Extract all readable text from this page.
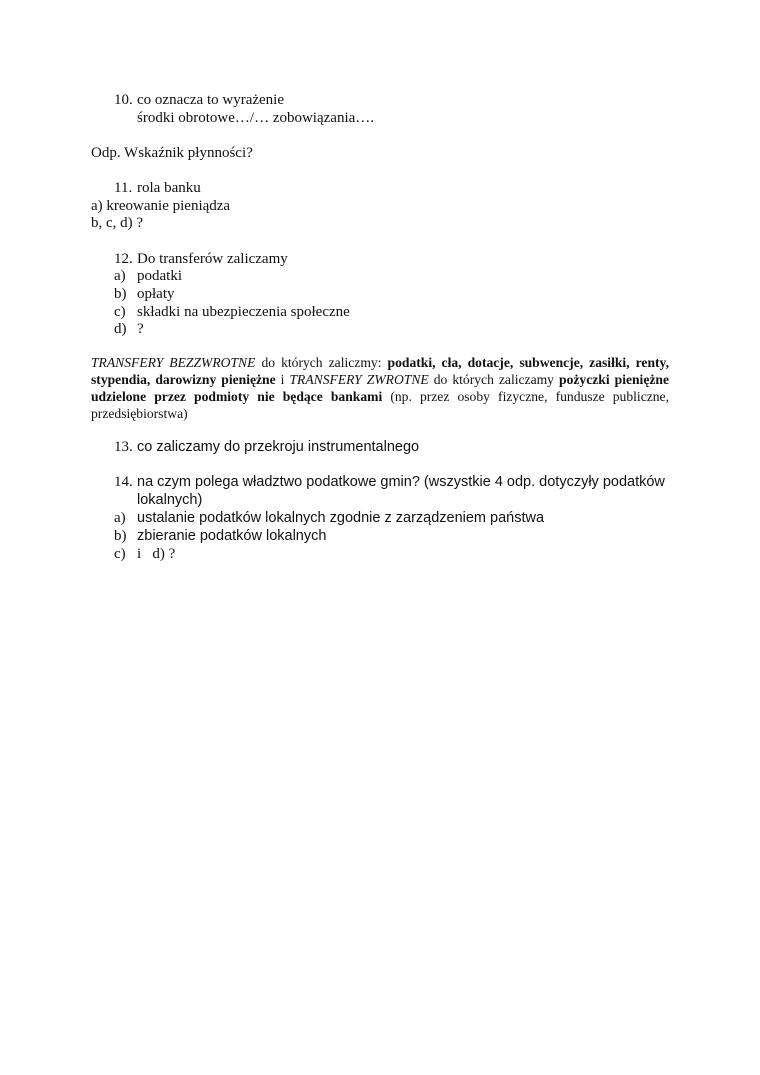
10. co oznacza to wyrażenie
środki obrotowe…/… zobowiązania….
Odp. Wskaźnik płynności?
11. rola banku
a) kreowanie pieniądza
b, c, d) ?
12. Do transferów zaliczamy
a) podatki
b) opłaty
c) składki na ubezpieczenia społeczne
d) ?
TRANSFERY BEZZWROTNE do których zaliczmy: podatki, cła, dotacje, subwencje, zasiłki, renty, stypendia, darowizny pieniężne i TRANSFERY ZWROTNE do których zaliczamy pożyczki pieniężne udzielone przez podmioty nie będące bankami (np. przez osoby fizyczne, fundusze publiczne, przedsiębiorstwa)
13. co zaliczamy do przekroju instrumentalnego
14. na czym polega władztwo podatkowe gmin? (wszystkie 4 odp. dotyczyły podatków
lokalnych)
a) ustalanie podatków lokalnych zgodnie z zarządzeniem państwa
b) zbieranie podatków lokalnych
c) i   d) ?
